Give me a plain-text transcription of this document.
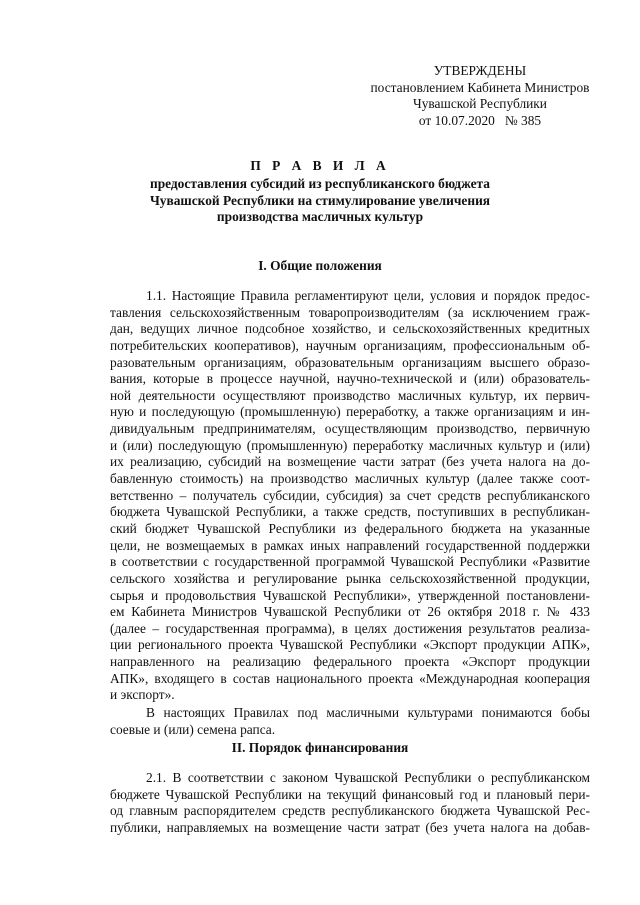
УТВЕРЖДЕНЫ
постановлением Кабинета Министров
Чувашской Республики
от 10.07.2020   № 385
П Р А В И Л А
предоставления субсидий из республиканского бюджета
Чувашской Республики на стимулирование увеличения
производства масличных культур
I. Общие положения
1.1. Настоящие Правила регламентируют цели, условия и порядок предос-
тавления сельскохозяйственным товаропроизводителям (за исключением граж-
дан, ведущих личное подсобное хозяйство, и сельскохозяйственных кредитных
потребительских кооперативов), научным организациям, профессиональным об-
разовательным организациям, образовательным организациям высшего образо-
вания, которые в процессе научной, научно-технической и (или) образователь-
ной деятельности осуществляют производство масличных культур, их первич-
ную и последующую (промышленную) переработку, а также организациям и ин-
дивидуальным предпринимателям, осуществляющим производство, первичную
и (или) последующую (промышленную) переработку масличных культур и (или)
их реализацию, субсидий на возмещение части затрат (без учета налога на до-
бавленную стоимость) на производство масличных культур (далее также соот-
ветственно – получатель субсидии, субсидия) за счет средств республиканского
бюджета Чувашской Республики, а также средств, поступивших в республикан-
ский бюджет Чувашской Республики из федерального бюджета на указанные
цели, не возмещаемых в рамках иных направлений государственной поддержки
в соответствии с государственной программой Чувашской Республики «Развитие
сельского хозяйства и регулирование рынка сельскохозяйственной продукции,
сырья и продовольствия Чувашской Республики», утвержденной постановлени-
ем Кабинета Министров Чувашской Республики от 26 октября 2018 г. № 433
(далее – государственная программа), в целях достижения результатов реализа-
ции регионального проекта Чувашской Республики «Экспорт продукции АПК»,
направленного на реализацию федерального проекта «Экспорт продукции
АПК», входящего в состав национального проекта «Международная кооперация
и экспорт».
В настоящих Правилах под масличными культурами понимаются бобы
соевые и (или) семена рапса.
II. Порядок финансирования
2.1. В соответствии с законом Чувашской Республики о республиканском
бюджете Чувашской Республики на текущий финансовый год и плановый пери-
од главным распорядителем средств республиканского бюджета Чувашской Рес-
публики, направляемых на возмещение части затрат (без учета налога на добав-
